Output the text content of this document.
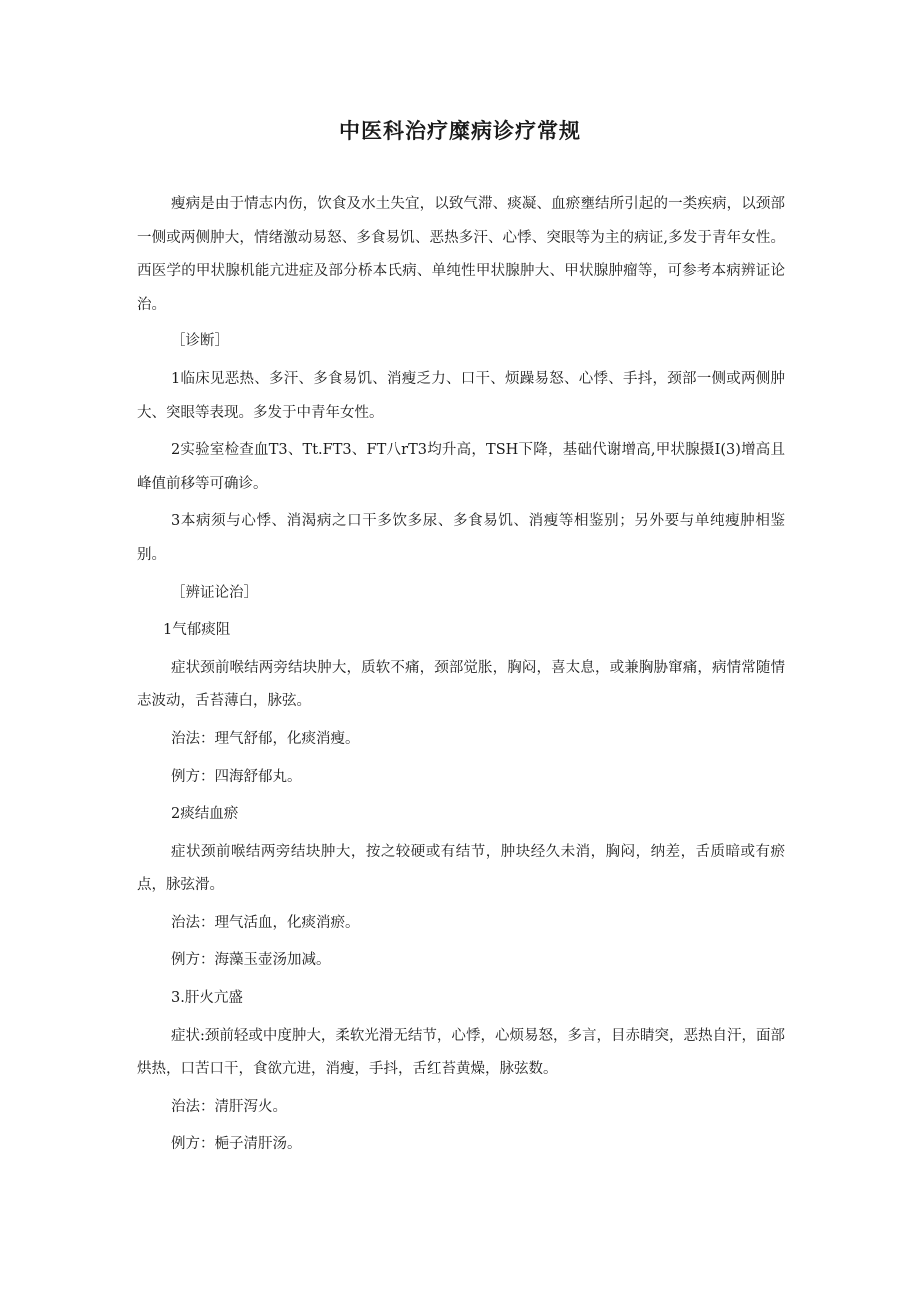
中医科治疗糜病诊疗常规

瘦病是由于情志内伤，饮食及水土失宜，以致气滞、痰凝、血瘀壅结所引起的一类疾病，以颈部一侧或两侧肿大，情绪激动易怒、多食易饥、恶热多汗、心悸、突眼等为主的病证,多发于青年女性。西医学的甲状腺机能亢进症及部分桥本氏病、单纯性甲状腺肿大、甲状腺肿瘤等，可参考本病辨证论治。

［诊断］

1临床见恶热、多汗、多食易饥、消瘦乏力、口干、烦躁易怒、心悸、手抖，颈部一侧或两侧肿大、突眼等表现。多发于中青年女性。

2实验室检查血T3、Tt.FT3、FT八rT3均升高，TSH下降，基础代谢增高,甲状腺摄I(3)增高且峰值前移等可确诊。

3本病须与心悸、消渴病之口干多饮多尿、多食易饥、消瘦等相鉴别；另外要与单纯瘦肿相鉴别。

［辨证论治］

1气郁痰阻

症状颈前喉结两旁结块肿大，质软不痛，颈部觉胀，胸闷，喜太息，或兼胸胁窜痛，病情常随情志波动，舌苔薄白，脉弦。

治法：理气舒郁，化痰消瘦。

例方：四海舒郁丸。

2痰结血瘀

症状颈前喉结两旁结块肿大，按之较硬或有结节，肿块经久未消，胸闷，纳差，舌质暗或有瘀点，脉弦滑。

治法：理气活血，化痰消瘀。

例方：海藻玉壶汤加减。

3.肝火亢盛

症状:颈前轻或中度肿大，柔软光滑无结节，心悸，心烦易怒，多言，目赤睛突，恶热自汗，面部烘热，口苦口干，食欲亢进，消瘦，手抖，舌红苔黄燥，脉弦数。

治法：清肝泻火。

例方：梔子清肝汤。
